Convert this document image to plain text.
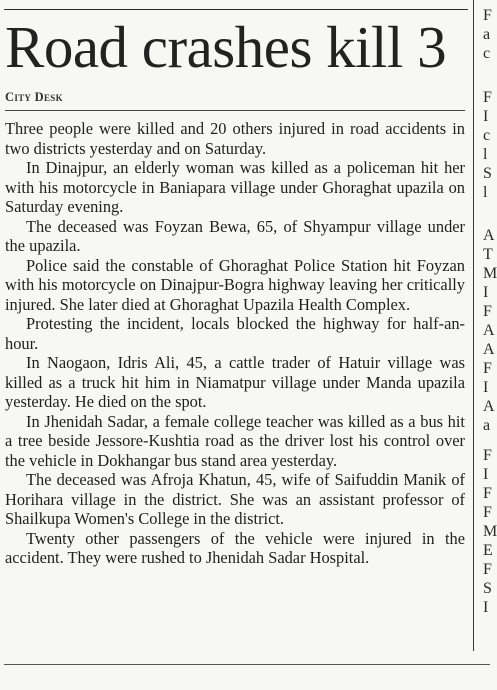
Road crashes kill 3
City Desk

Three people were killed and 20 others injured in road accidents in two districts yesterday and on Saturday.

In Dinajpur, an elderly woman was killed as a policeman hit her with his motorcycle in Baniapara village under Ghoraghat upazila on Saturday evening.

The deceased was Foyzan Bewa, 65, of Shyampur village under the upazila.

Police said the constable of Ghoraghat Police Station hit Foyzan with his motorcycle on Dinajpur-Bogra highway leaving her critically injured. She later died at Ghoraghat Upazila Health Complex.

Protesting the incident, locals blocked the highway for half-an-hour.

In Naogaon, Idris Ali, 45, a cattle trader of Hatuir village was killed as a truck hit him in Niamatpur village under Manda upazila yesterday. He died on the spot.

In Jhenidah Sadar, a female college teacher was killed as a bus hit a tree beside Jessore-Kushtia road as the driver lost his control over the vehicle in Dokhangar bus stand area yesterday.

The deceased was Afroja Khatun, 45, wife of Saifuddin Manik of Horihara village in the district. She was an assistant professor of Shailkupa Women's College in the district.

Twenty other passengers of the vehicle were injured in the accident. They were rushed to Jhenidah Sadar Hospital.

F
a
c
F
I
c
l
S
l
A
T
M
I
F
A
A
F
I
A
a
F
I
F
F
M
E
F
S
I
